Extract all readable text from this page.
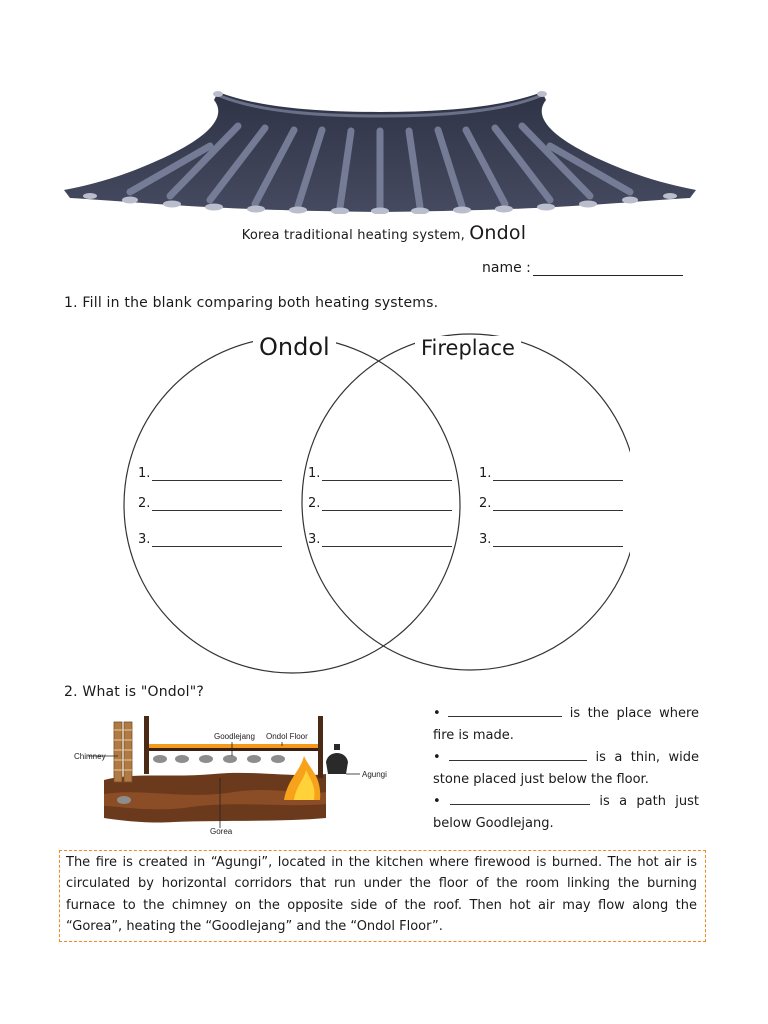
Korea traditional heating system, Ondol
name :
1. Fill in the blank comparing both heating systems.
Ondol	Fireplace
1.
2.
3.
1.
2.
3.
1.
2.
3.
2. What is "Ondol"?
Chimney
Goodlejang Ondol Floor
Agungi
Gorea
•	is the place where fire is made.
•	is a thin, wide stone placed just below the floor.
•	is a path just below Goodlejang.
The fire is created in “Agungi”, located in the kitchen where firewood is burned. The hot air is circulated by horizontal corridors that run under the floor of the room linking the burning furnace to the chimney on the opposite side of the roof. Then hot air may flow along the “Gorea”, heating the “Goodlejang” and the “Ondol Floor”.
